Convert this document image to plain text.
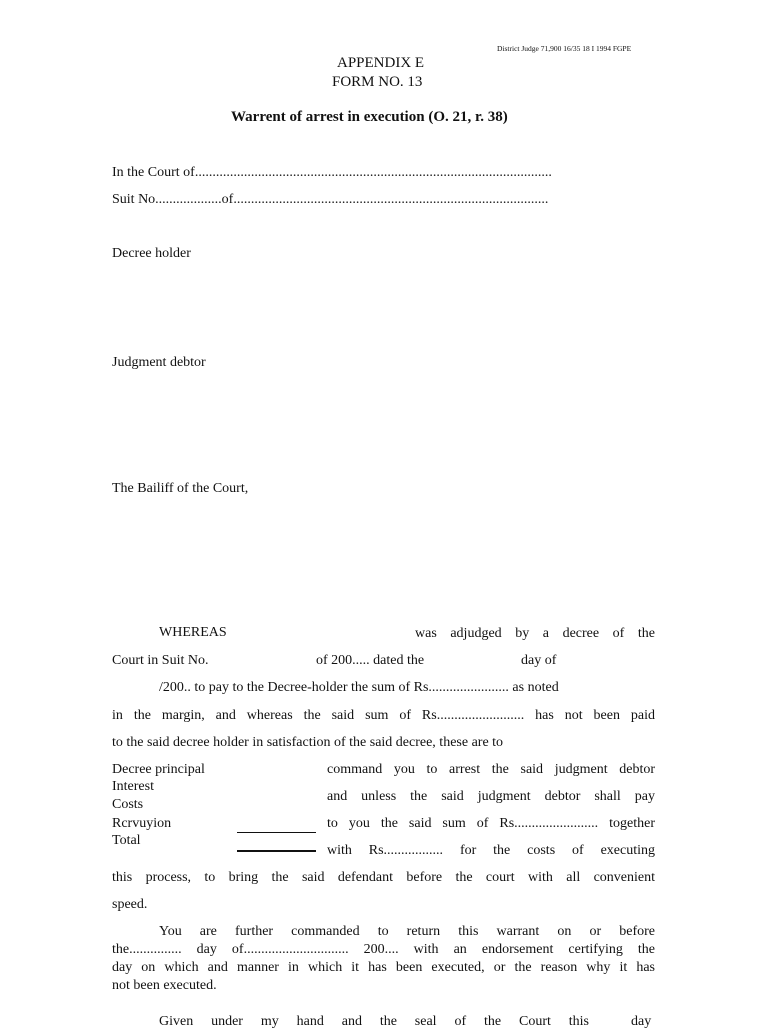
District Judge 71,900 16/35 18 I 1994 FGPE
APPENDIX E
FORM NO. 13
Warrent of arrest in execution (O. 21, r. 38)
In the Court of......................................................................................................
Suit No...................of..........................................................................................
Decree holder
Judgment debtor
The Bailiff of the Court,
WHEREAS	was adjudged by a decree of the
Court in Suit No.	of 200..... dated the	day of
/200.. to pay to the Decree-holder the sum of Rs....................... as noted
in the margin, and whereas the said sum of Rs......................... has not been paid
to the said decree holder in satisfaction of the said decree, these are to
Decree principal
Interest
Costs
Rcrvuyion
Total
command you to arrest the said judgment debtor
and unless the said judgment debtor shall pay
to you the said sum of Rs........................ together
with Rs................. for the costs of executing
this process, to bring the said defendant before the court with all convenient
speed.
You are further commanded to return this warrant on or before
the............... day of.............................. 200.... with an endorsement certifying the
day on which and manner in which it has been executed, or the reason why it has
not been executed.
Given under my hand and the seal of the Court this	day
